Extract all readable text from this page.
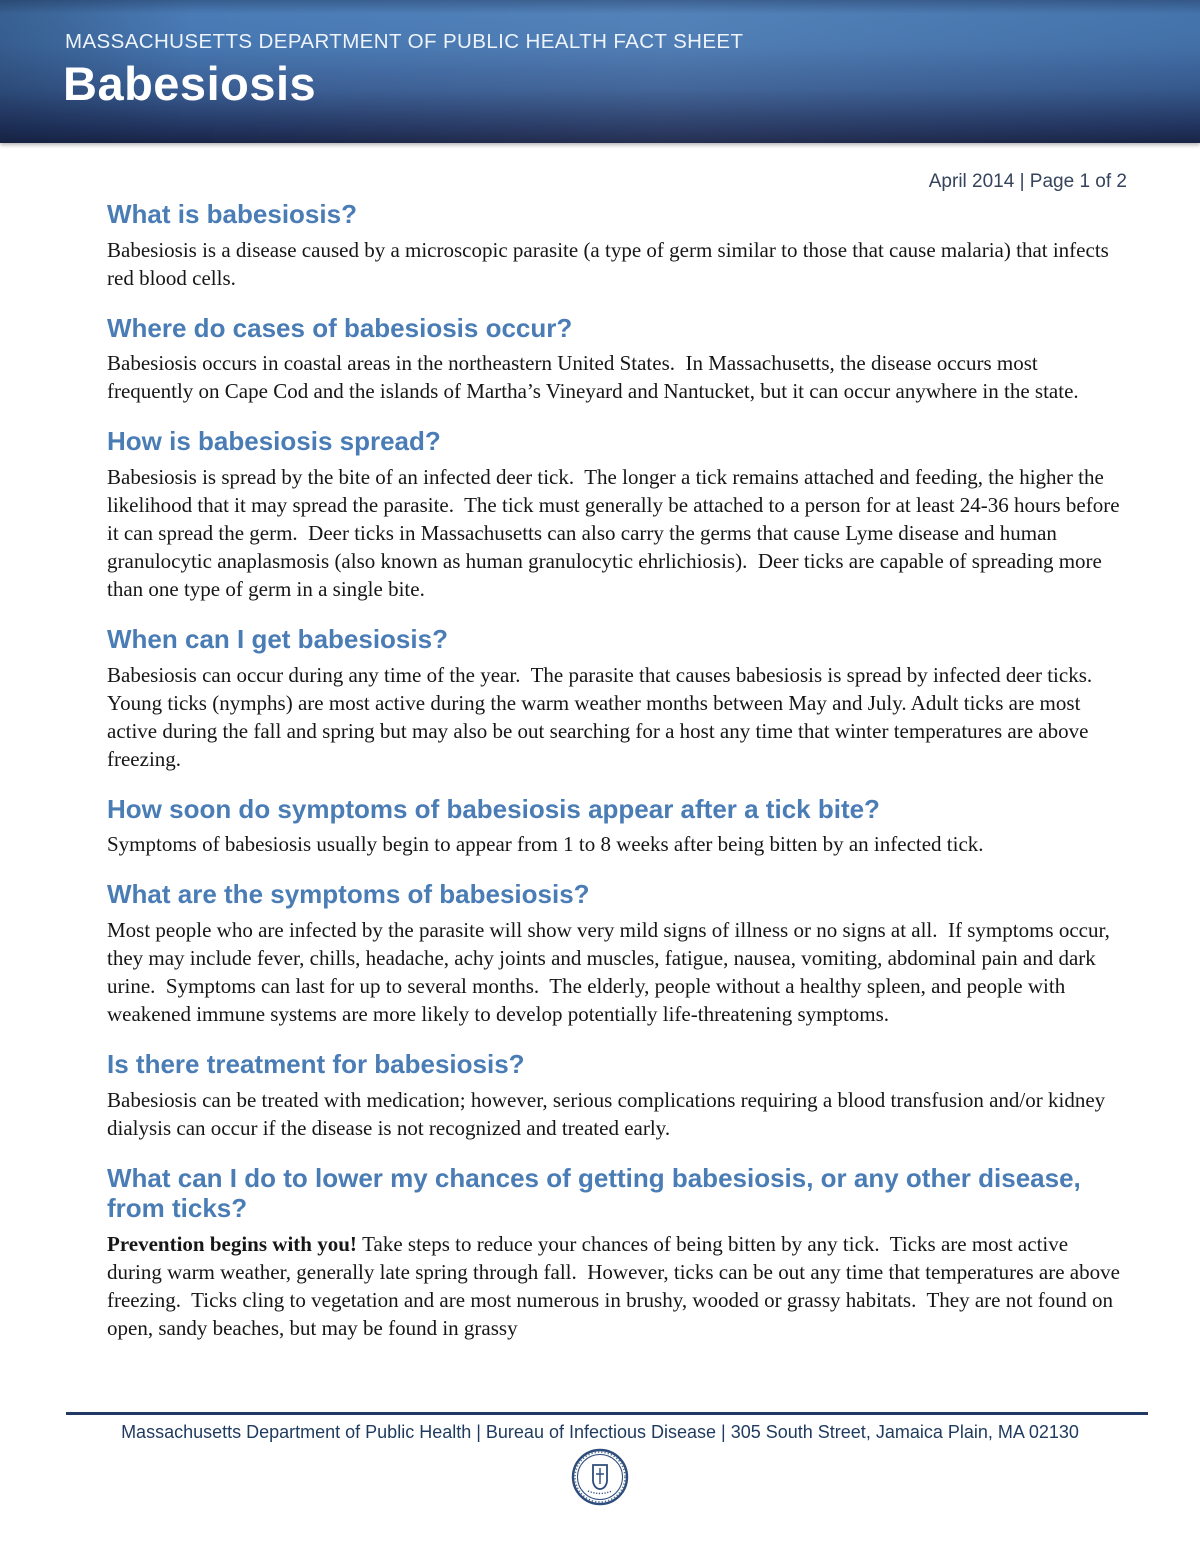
MASSACHUSETTS DEPARTMENT OF PUBLIC HEALTH FACT SHEET
Babesiosis
April 2014 | Page 1 of 2
What is babesiosis?

Babesiosis is a disease caused by a microscopic parasite (a type of germ similar to those that cause malaria) that infects red blood cells.

Where do cases of babesiosis occur?

Babesiosis occurs in coastal areas in the northeastern United States.  In Massachusetts, the disease occurs most frequently on Cape Cod and the islands of Martha’s Vineyard and Nantucket, but it can occur anywhere in the state.

How is babesiosis spread?

Babesiosis is spread by the bite of an infected deer tick.  The longer a tick remains attached and feeding, the higher the likelihood that it may spread the parasite.  The tick must generally be attached to a person for at least 24-36 hours before it can spread the germ.  Deer ticks in Massachusetts can also carry the germs that cause Lyme disease and human granulocytic anaplasmosis (also known as human granulocytic ehrlichiosis).  Deer ticks are capable of spreading more than one type of germ in a single bite.

When can I get babesiosis?

Babesiosis can occur during any time of the year.  The parasite that causes babesiosis is spread by infected deer ticks.  Young ticks (nymphs) are most active during the warm weather months between May and July. Adult ticks are most active during the fall and spring but may also be out searching for a host any time that winter temperatures are above freezing.

How soon do symptoms of babesiosis appear after a tick bite?

Symptoms of babesiosis usually begin to appear from 1 to 8 weeks after being bitten by an infected tick.

What are the symptoms of babesiosis?

Most people who are infected by the parasite will show very mild signs of illness or no signs at all.  If symptoms occur, they may include fever, chills, headache, achy joints and muscles, fatigue, nausea, vomiting, abdominal pain and dark urine.  Symptoms can last for up to several months.  The elderly, people without a healthy spleen, and people with weakened immune systems are more likely to develop potentially life-threatening symptoms.

Is there treatment for babesiosis?

Babesiosis can be treated with medication; however, serious complications requiring a blood transfusion and/or kidney dialysis can occur if the disease is not recognized and treated early.

What can I do to lower my chances of getting babesiosis, or any other disease, from ticks?

Prevention begins with you! Take steps to reduce your chances of being bitten by any tick.  Ticks are most active during warm weather, generally late spring through fall.  However, ticks can be out any time that temperatures are above freezing.  Ticks cling to vegetation and are most numerous in brushy, wooded or grassy habitats.  They are not found on open, sandy beaches, but may be found in grassy

Massachusetts Department of Public Health | Bureau of Infectious Disease | 305 South Street, Jamaica Plain, MA 02130
